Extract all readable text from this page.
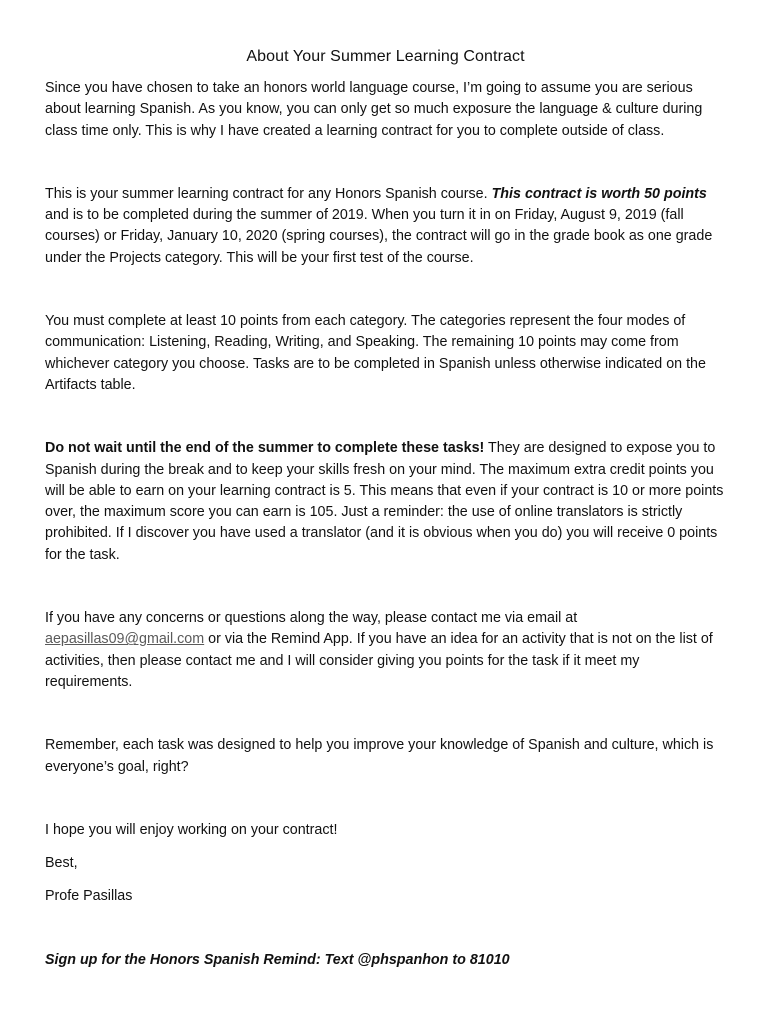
About Your Summer Learning Contract

Since you have chosen to take an honors world language course, I’m going to assume you are serious about learning Spanish. As you know, you can only get so much exposure the language & culture during class time only. This is why I have created a learning contract for you to complete outside of class.

This is your summer learning contract for any Honors Spanish course. This contract is worth 50 points and is to be completed during the summer of 2019. When you turn it in on Friday, August 9, 2019 (fall courses) or Friday, January 10, 2020 (spring courses), the contract will go in the grade book as one grade under the Projects category. This will be your first test of the course.

You must complete at least 10 points from each category. The categories represent the four modes of communication: Listening, Reading, Writing, and Speaking. The remaining 10 points may come from whichever category you choose. Tasks are to be completed in Spanish unless otherwise indicated on the Artifacts table.

Do not wait until the end of the summer to complete these tasks! They are designed to expose you to Spanish during the break and to keep your skills fresh on your mind. The maximum extra credit points you will be able to earn on your learning contract is 5. This means that even if your contract is 10 or more points over, the maximum score you can earn is 105. Just a reminder: the use of online translators is strictly prohibited. If I discover you have used a translator (and it is obvious when you do) you will receive 0 points for the task.

If you have any concerns or questions along the way, please contact me via email at aepasillas09@gmail.com or via the Remind App. If you have an idea for an activity that is not on the list of activities, then please contact me and I will consider giving you points for the task if it meet my requirements.

Remember, each task was designed to help you improve your knowledge of Spanish and culture, which is everyone’s goal, right?

I hope you will enjoy working on your contract!

Best,

Profe Pasillas

Sign up for the Honors Spanish Remind: Text @phspanhon to 81010
